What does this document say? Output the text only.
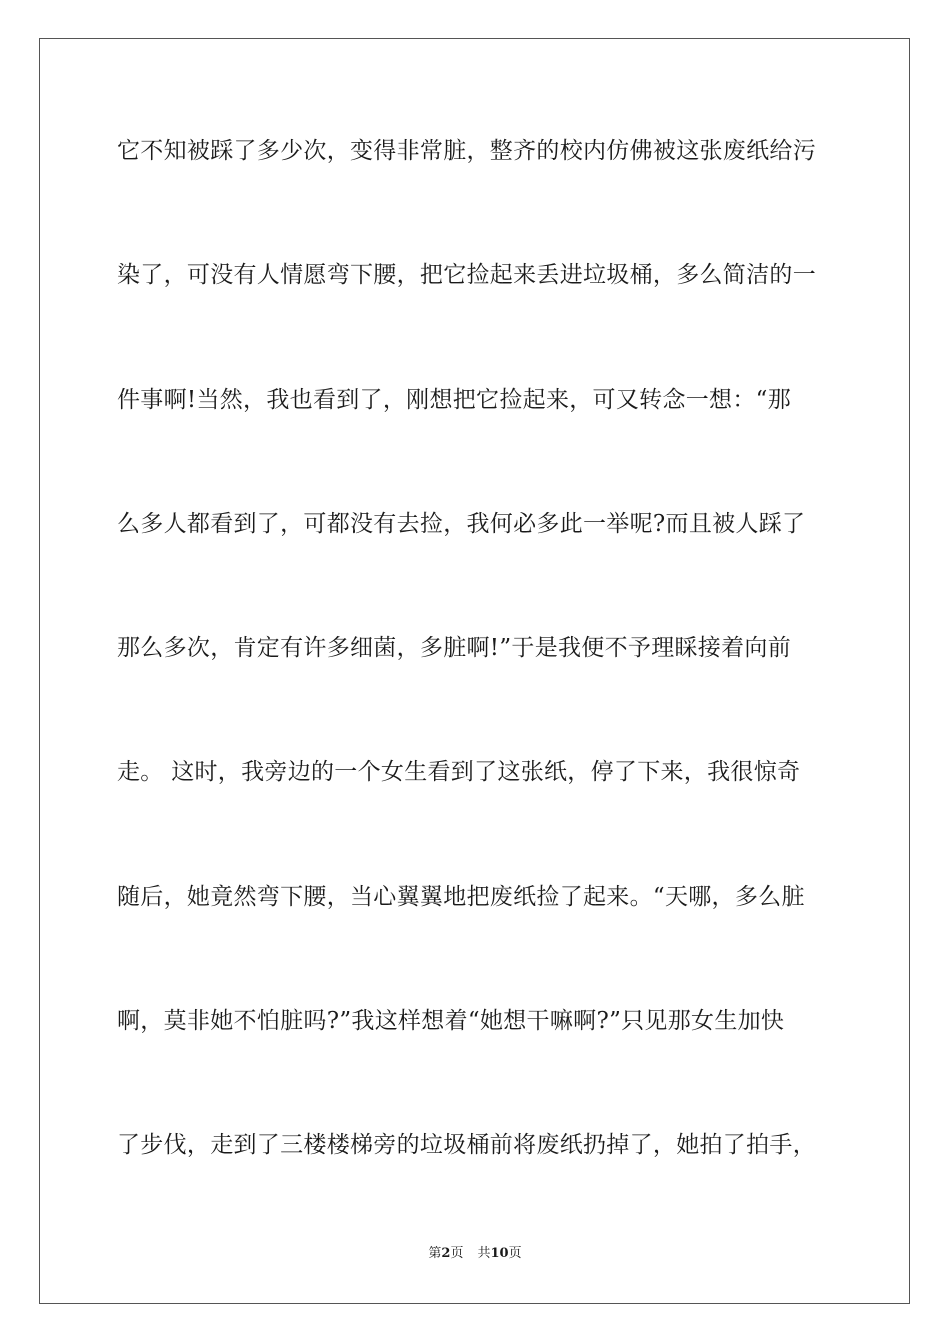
它不知被踩了多少次，变得非常脏，整齐的校内仿佛被这张废纸给污
染了，可没有人情愿弯下腰，把它捡起来丢进垃圾桶，多么简洁的一
件事啊!当然，我也看到了，刚想把它捡起来，可又转念一想：“那
么多人都看到了，可都没有去捡，我何必多此一举呢?而且被人踩了
那么多次，肯定有许多细菌，多脏啊!”于是我便不予理睬接着向前
走。 这时，我旁边的一个女生看到了这张纸，停了下来，我很惊奇
随后，她竟然弯下腰，当心翼翼地把废纸捡了起来。“天哪，多么脏
啊，莫非她不怕脏吗?”我这样想着“她想干嘛啊?”只见那女生加快
了步伐，走到了三楼楼梯旁的垃圾桶前将废纸扔掉了，她拍了拍手，
第2页 共10页
